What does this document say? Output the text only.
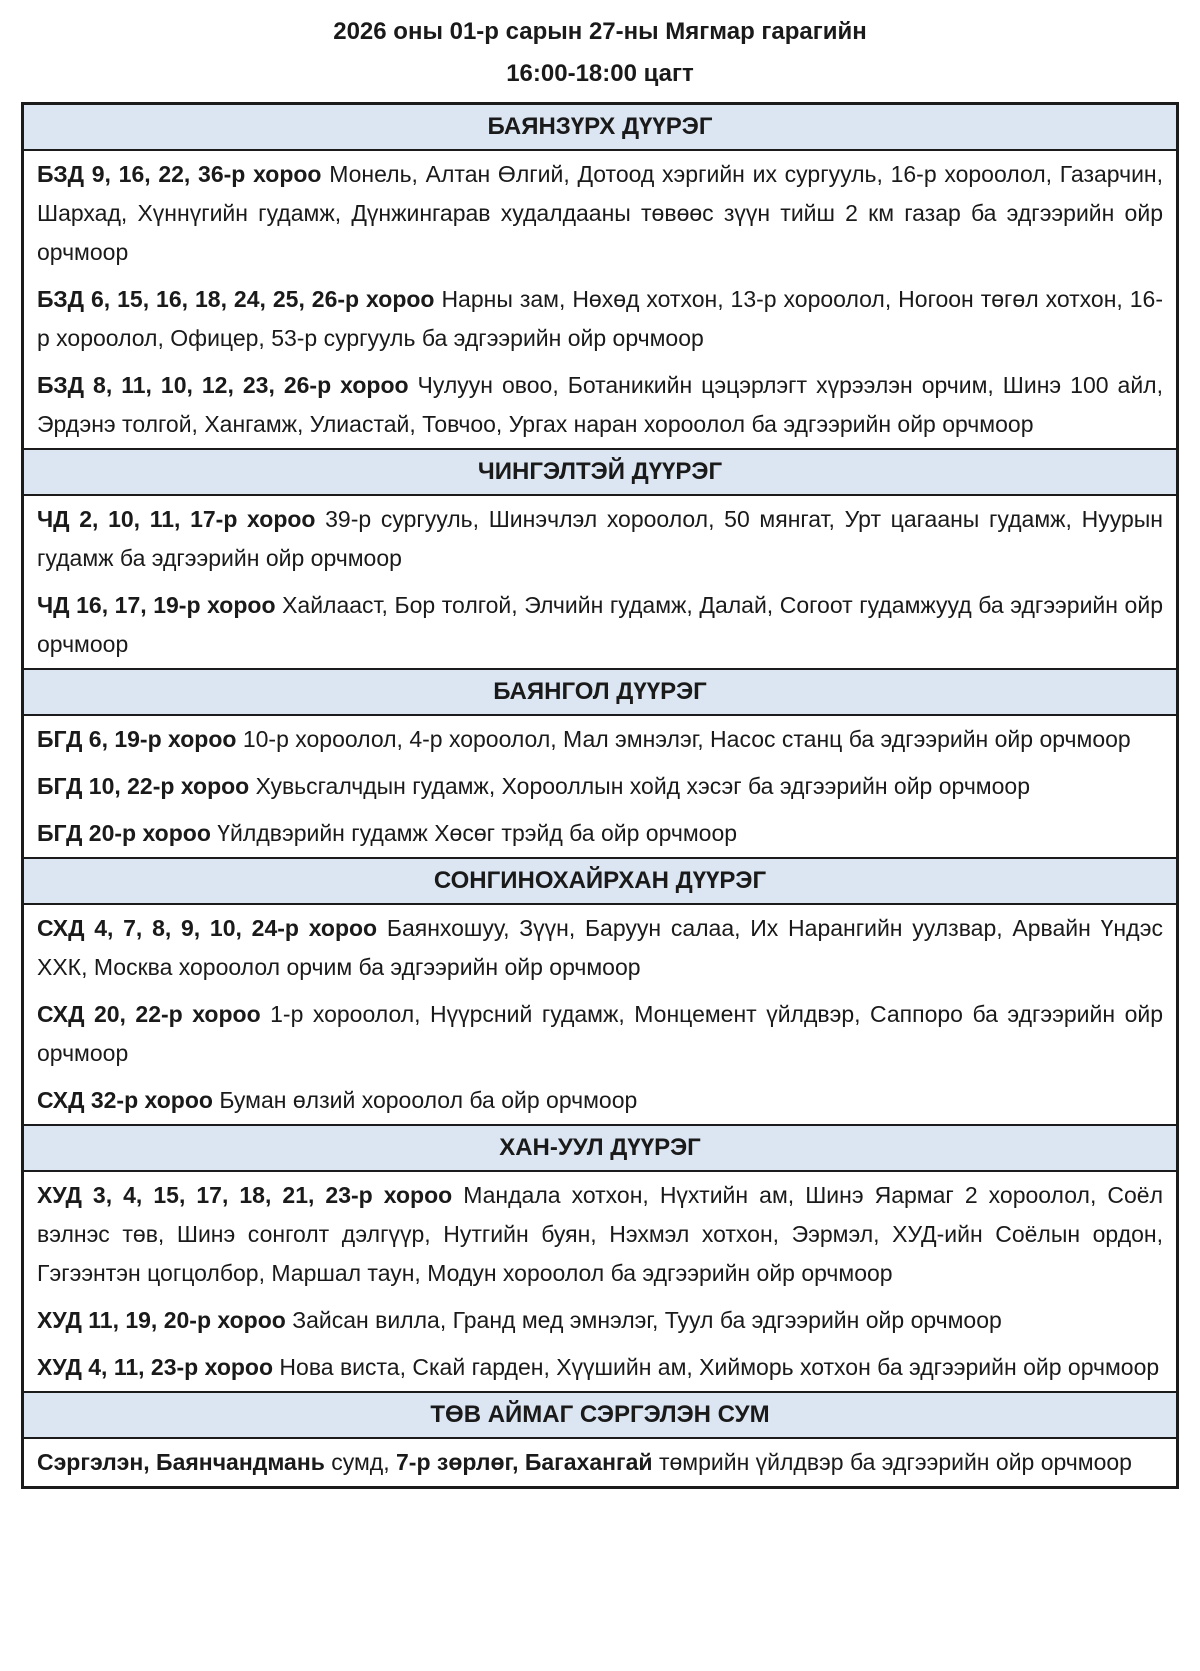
2026 оны 01-р сарын 27-ны Мягмар гарагийн
16:00-18:00 цагт
БАЯНЗҮРХ ДҮҮРЭГ
БЗД 9, 16, 22, 36-р хороо Монель, Алтан Өлгий, Дотоод хэргийн их сургууль, 16-р хороолол, Газарчин, Шархад, Хүннүгийн гудамж, Дүнжингарав худалдааны төвөөс зүүн тийш 2 км газар ба эдгээрийн ойр орчмоор
БЗД 6, 15, 16, 18, 24, 25, 26-р хороо Нарны зам, Нөхөд хотхон, 13-р хороолол, Ногоон төгөл хотхон, 16-р хороолол, Офицер, 53-р сургууль ба эдгээрийн ойр орчмоор
БЗД 8, 11, 10, 12, 23, 26-р хороо Чулуун овоо, Ботаникийн цэцэрлэгт хүрээлэн орчим, Шинэ 100 айл, Эрдэнэ толгой, Хангамж, Улиастай, Товчоо, Ургах наран хороолол ба эдгээрийн ойр орчмоор
ЧИНГЭЛТЭЙ ДҮҮРЭГ
ЧД 2, 10, 11, 17-р хороо 39-р сургууль, Шинэчлэл хороолол, 50 мянгат, Урт цагааны гудамж, Нуурын гудамж ба эдгээрийн ойр орчмоор
ЧД 16, 17, 19-р хороо Хайлааст, Бор толгой, Элчийн гудамж, Далай, Согоот гудамжууд ба эдгээрийн ойр орчмоор
БАЯНГОЛ ДҮҮРЭГ
БГД 6, 19-р хороо 10-р хороолол, 4-р хороолол, Мал эмнэлэг, Насос станц ба эдгээрийн ойр орчмоор
БГД 10, 22-р хороо Хувьсгалчдын гудамж, Хорооллын хойд хэсэг ба эдгээрийн ойр орчмоор
БГД 20-р хороо Үйлдвэрийн гудамж Хөсөг трэйд ба ойр орчмоор
СОНГИНОХАЙРХАН ДҮҮРЭГ
СХД 4, 7, 8, 9, 10, 24-р хороо Баянхошуу, Зүүн, Баруун салаа, Их Нарангийн уулзвар, Арвайн Үндэс ХХК, Москва хороолол орчим ба эдгээрийн ойр орчмоор
СХД 20, 22-р хороо 1-р хороолол, Нүүрсний гудамж, Монцемент үйлдвэр, Саппоро ба эдгээрийн ойр орчмоор
СХД 32-р хороо Буман өлзий хороолол ба ойр орчмоор
ХАН-УУЛ ДҮҮРЭГ
ХУД 3, 4, 15, 17, 18, 21, 23-р хороо Мандала хотхон, Нүхтийн ам, Шинэ Яармаг 2 хороолол, Соёл вэлнэс төв, Шинэ сонголт дэлгүүр, Нутгийн буян, Нэхмэл хотхон, Ээрмэл, ХУД-ийн Соёлын ордон, Гэгээнтэн цогцолбор, Маршал таун, Модун хороолол ба эдгээрийн ойр орчмоор
ХУД 11, 19, 20-р хороо Зайсан вилла, Гранд мед эмнэлэг, Туул ба эдгээрийн ойр орчмоор
ХУД 4, 11, 23-р хороо Нова виста, Скай гарден, Хүүшийн ам, Хийморь хотхон ба эдгээрийн ойр орчмоор
ТӨВ АЙМАГ СЭРГЭЛЭН СУМ
Сэргэлэн, Баянчандмань сумд, 7-р зөрлөг, Багахангай төмрийн үйлдвэр ба эдгээрийн ойр орчмоор
